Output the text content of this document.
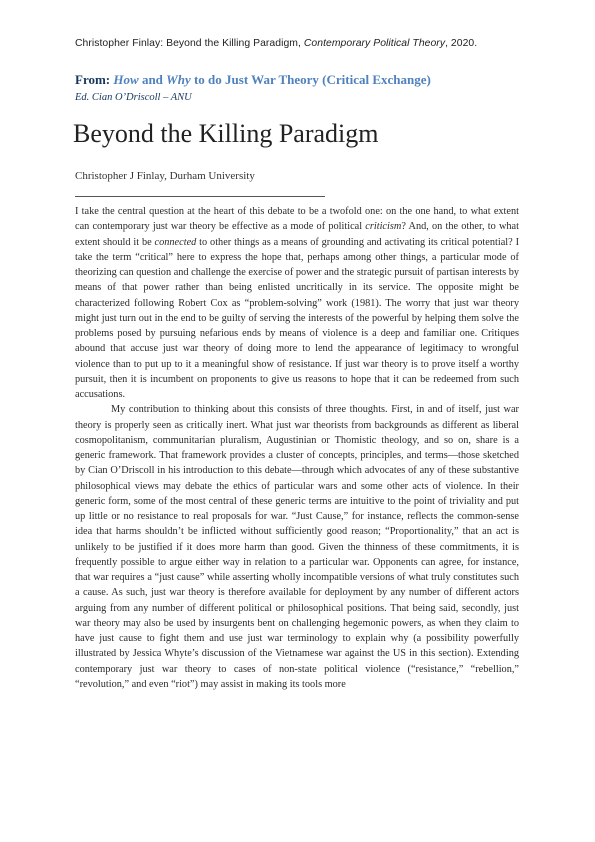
Christopher Finlay: Beyond the Killing Paradigm, Contemporary Political Theory, 2020.
From: How and Why to do Just War Theory (Critical Exchange)
Ed. Cian O’Driscoll – ANU
Beyond the Killing Paradigm
Christopher J Finlay, Durham University

I take the central question at the heart of this debate to be a twofold one: on the one hand, to what extent can contemporary just war theory be effective as a mode of political criticism? And, on the other, to what extent should it be connected to other things as a means of grounding and activating its critical potential? I take the term “critical” here to express the hope that, perhaps among other things, a particular mode of theorizing can question and challenge the exercise of power and the strategic pursuit of partisan interests by means of that power rather than being enlisted uncritically in its service. The opposite might be characterized following Robert Cox as “problem-solving” work (1981). The worry that just war theory might just turn out in the end to be guilty of serving the interests of the powerful by helping them solve the problems posed by pursuing nefarious ends by means of violence is a deep and familiar one. Critiques abound that accuse just war theory of doing more to lend the appearance of legitimacy to wrongful violence than to put up to it a meaningful show of resistance. If just war theory is to prove itself a worthy pursuit, then it is incumbent on proponents to give us reasons to hope that it can be redeemed from such accusations.

My contribution to thinking about this consists of three thoughts. First, in and of itself, just war theory is properly seen as critically inert. What just war theorists from backgrounds as different as liberal cosmopolitanism, communitarian pluralism, Augustinian or Thomistic theology, and so on, share is a generic framework. That framework provides a cluster of concepts, principles, and terms—those sketched by Cian O’Driscoll in his introduction to this debate—through which advocates of any of these substantive philosophical views may debate the ethics of particular wars and some other acts of violence. In their generic form, some of the most central of these generic terms are intuitive to the point of triviality and put up little or no resistance to real proposals for war. “Just Cause,” for instance, reflects the common-sense idea that harms shouldn’t be inflicted without sufficiently good reason; “Proportionality,” that an act is unlikely to be justified if it does more harm than good. Given the thinness of these commitments, it is frequently possible to argue either way in relation to a particular war. Opponents can agree, for instance, that war requires a “just cause” while asserting wholly incompatible versions of what truly constitutes such a cause. As such, just war theory is therefore available for deployment by any number of different actors arguing from any number of different political or philosophical positions. That being said, secondly, just war theory may also be used by insurgents bent on challenging hegemonic powers, as when they claim to have just cause to fight them and use just war terminology to explain why (a possibility powerfully illustrated by Jessica Whyte’s discussion of the Vietnamese war against the US in this section). Extending contemporary just war theory to cases of non-state political violence (“resistance,” “rebellion,” “revolution,” and even “riot”) may assist in making its tools more
